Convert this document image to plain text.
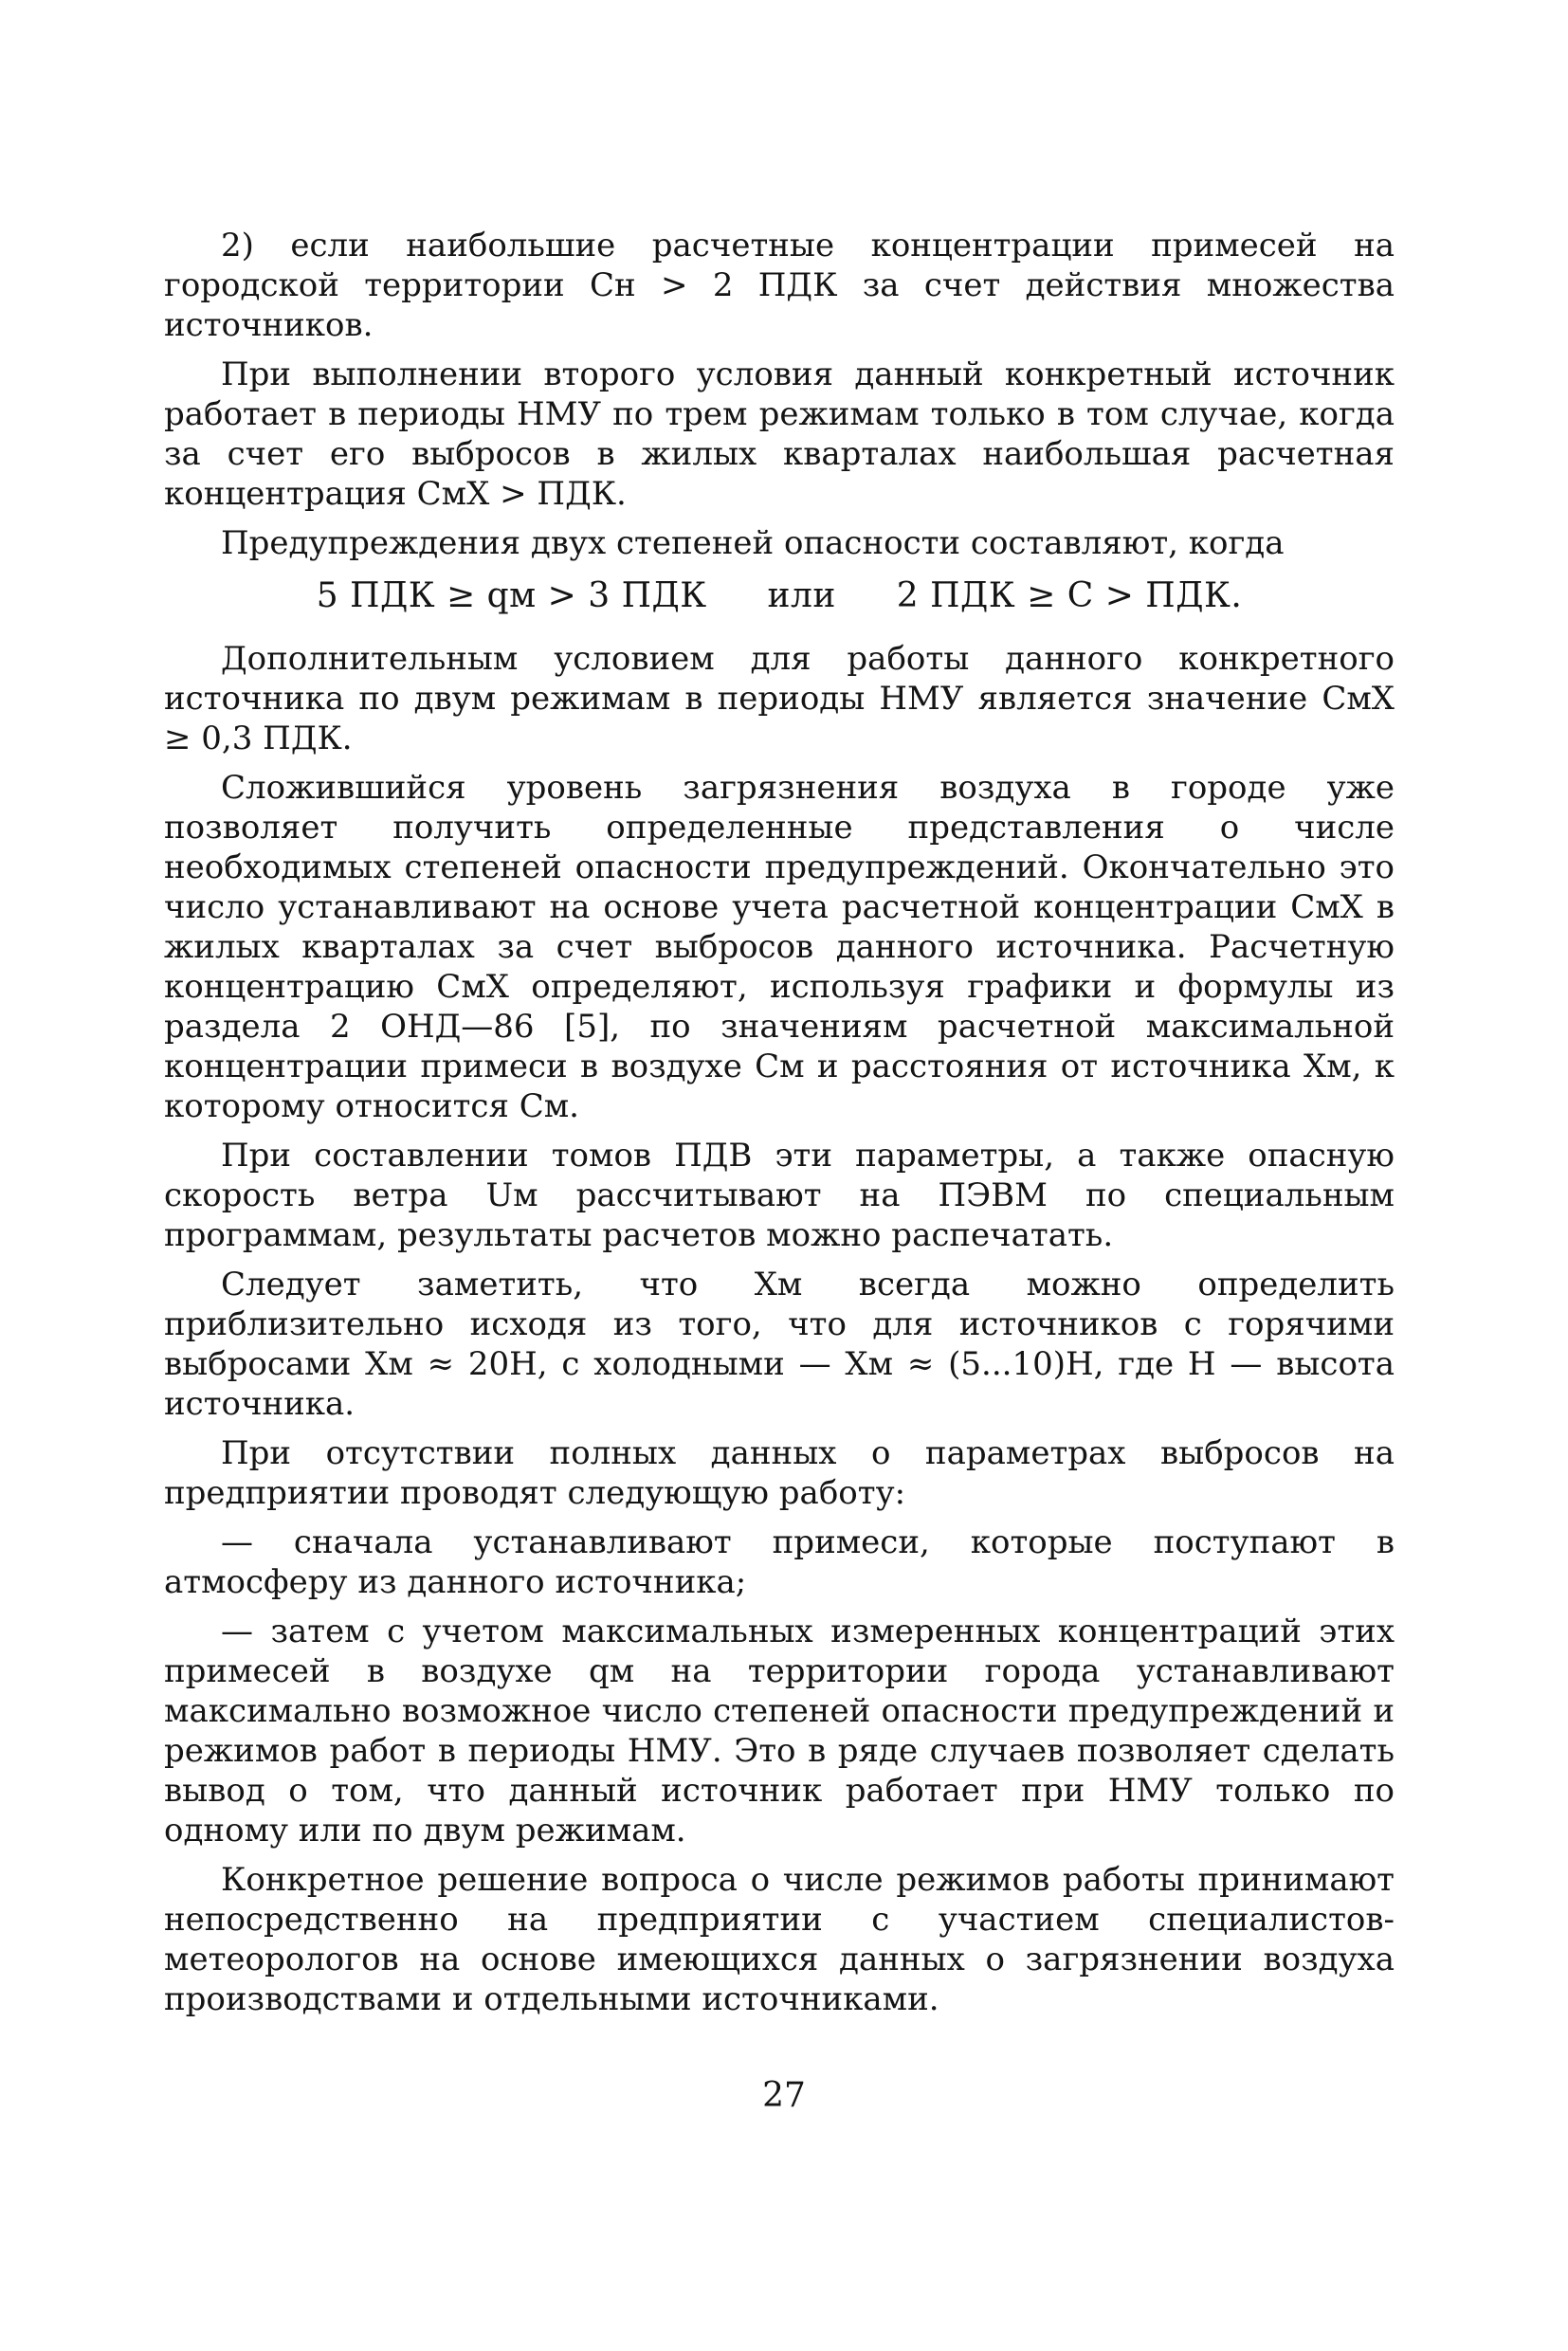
2) если наибольшие расчетные концентрации примесей на городской территории Сн > 2 ПДК за счет действия множества источников.

При выполнении второго условия данный конкретный источник работает в периоды НМУ по трем режимам только в том случае, когда за счет его выбросов в жилых кварталах наибольшая расчетная концентрация СмX > ПДК.

Предупреждения двух степеней опасности составляют, когда

5 ПДК ≥ qм > 3 ПДК или 2 ПДК ≥ C > ПДК.

Дополнительным условием для работы данного конкретного источника по двум режимам в периоды НМУ является значение СмX ≥ 0,3 ПДК.

Сложившийся уровень загрязнения воздуха в городе уже позволяет получить определенные представления о числе необходимых степеней опасности предупреждений. Окончательно это число устанавливают на основе учета расчетной концентрации СмX в жилых кварталах за счет выбросов данного источника. Расчетную концентрацию СмX определяют, используя графики и формулы из раздела 2 ОНД—86 [5], по значениям расчетной максимальной концентрации примеси в воздухе См и расстояния от источника Хм, к которому относится См.

При составлении томов ПДВ эти параметры, а также опасную скорость ветра Uм рассчитывают на ПЭВМ по специальным программам, результаты расчетов можно распечатать.

Следует заметить, что Хм всегда можно определить приблизительно исходя из того, что для источников с горячими выбросами Хм ≈ 20H, с холодными — Хм ≈ (5...10)H, где H — высота источника.

При отсутствии полных данных о параметрах выбросов на предприятии проводят следующую работу:

— сначала устанавливают примеси, которые поступают в атмосферу из данного источника;

— затем с учетом максимальных измеренных концентраций этих примесей в воздухе qм на территории города устанавливают максимально возможное число степеней опасности предупреждений и режимов работ в периоды НМУ. Это в ряде случаев позволяет сделать вывод о том, что данный источник работает при НМУ только по одному или по двум режимам.

Конкретное решение вопроса о числе режимов работы принимают непосредственно на предприятии с участием специалистов-метеорологов на основе имеющихся данных о загрязнении воздуха производствами и отдельными источниками.

27
